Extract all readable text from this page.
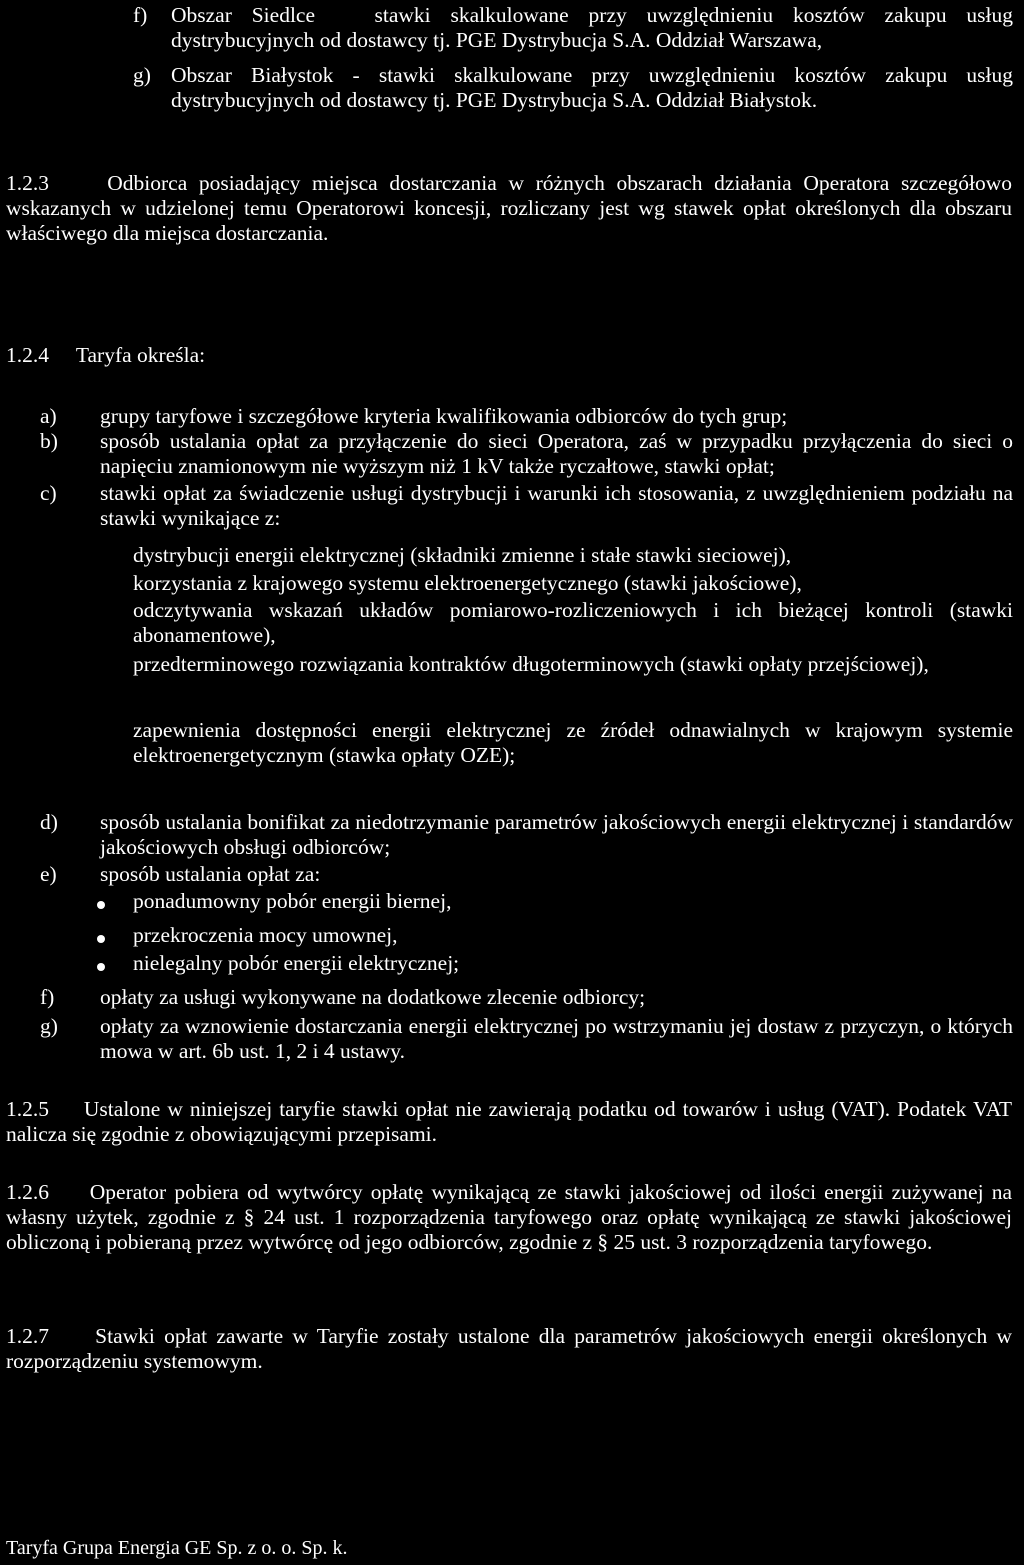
f) Obszar Siedlce   stawki skalkulowane przy uwzględnieniu kosztów zakupu usług
dystrybucyjnych od dostawcy tj. PGE Dystrybucja S.A. Oddział Warszawa,
g) Obszar Białystok - stawki skalkulowane przy uwzględnieniu kosztów zakupu usług
dystrybucyjnych od dostawcy tj. PGE Dystrybucja S.A. Oddział Białystok.
1.2.3	Odbiorca posiadający miejsca dostarczania w różnych obszarach działania Operatora szczegółowo wskazanych w udzielonej temu Operatorowi koncesji, rozliczany jest wg stawek opłat określonych dla obszaru właściwego dla miejsca dostarczania.
1.2.4 Taryfa określa:
a) grupy taryfowe i szczegółowe kryteria kwalifikowania odbiorców do tych grup;
b) sposób ustalania opłat za przyłączenie do sieci Operatora, zaś w przypadku przyłączenia do sieci o napięciu znamionowym nie wyższym niż 1 kV także ryczałtowe, stawki opłat;
c) stawki opłat za świadczenie usługi dystrybucji i warunki ich stosowania, z uwzględnieniem podziału na stawki wynikające z:
dystrybucji energii elektrycznej (składniki zmienne i stałe stawki sieciowej),
korzystania z krajowego systemu elektroenergetycznego (stawki jakościowe),
odczytywania wskazań układów pomiarowo-rozliczeniowych i ich bieżącej kontroli (stawki abonamentowe),
przedterminowego rozwiązania kontraktów długoterminowych (stawki opłaty przejściowej),
zapewnienia dostępności energii elektrycznej ze źródeł odnawialnych w krajowym systemie elektroenergetycznym (stawka opłaty OZE);
d) sposób ustalania bonifikat za niedotrzymanie parametrów jakościowych energii elektrycznej i standardów jakościowych obsługi odbiorców;
e) sposób ustalania opłat za:
ponadumowny pobór energii biernej,
przekroczenia mocy umownej,
nielegalny pobór energii elektrycznej;
f) opłaty za usługi wykonywane na dodatkowe zlecenie odbiorcy;
g) opłaty za wznowienie dostarczania energii elektrycznej po wstrzymaniu jej dostaw z przyczyn, o których mowa w art. 6b ust. 1, 2 i 4 ustawy.
1.2.5 Ustalone w niniejszej taryfie stawki opłat nie zawierają podatku od towarów i usług (VAT). Podatek VAT nalicza się zgodnie z obowiązującymi przepisami.
1.2.6 Operator pobiera od wytwórcy opłatę wynikającą ze stawki jakościowej od ilości energii zużywanej na własny użytek, zgodnie z § 24 ust. 1 rozporządzenia taryfowego oraz opłatę wynikającą ze stawki jakościowej obliczoną i pobieraną przez wytwórcę od jego odbiorców, zgodnie z § 25 ust. 3 rozporządzenia taryfowego.
1.2.7 Stawki opłat zawarte w Taryfie zostały ustalone dla parametrów jakościowych energii określonych w rozporządzeniu systemowym.
Taryfa Grupa Energia GE Sp. z o. o. Sp. k.
